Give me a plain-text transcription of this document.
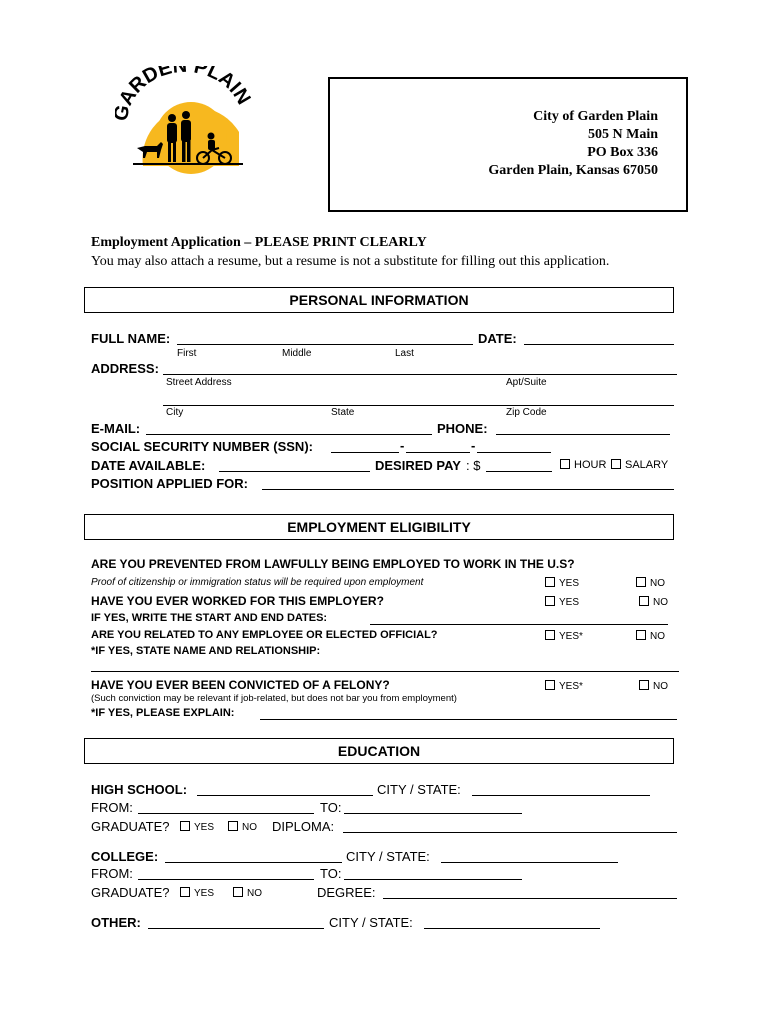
ARDEN PLAIN
City of Garden Plain
505 N Main
PO Box 336
Garden Plain, Kansas 67050
Employment Application – PLEASE PRINT CLEARLY
You may also attach a resume, but a resume is not a substitute for filling out this application.
PERSONAL INFORMATION
FULL NAME:	DATE:
First	Middle	Last
ADDRESS:
Street Address	Apt/Suite
City	State	Zip Code
E-MAIL:	PHONE:
SOCIAL SECURITY NUMBER (SSN):	-	-
DATE AVAILABLE:	DESIRED PAY : $	HOUR	SALARY
POSITION APPLIED FOR:
EMPLOYMENT ELIGIBILITY
ARE YOU PREVENTED FROM LAWFULLY BEING EMPLOYED TO WORK IN THE U.S?
Proof of citizenship or immigration status will be required upon employment	YES	NO
HAVE YOU EVER WORKED FOR THIS EMPLOYER?	YES	NO
IF YES, WRITE THE START AND END DATES:
ARE YOU RELATED TO ANY EMPLOYEE OR ELECTED OFFICIAL?	YES*	NO
*IF YES, STATE NAME AND RELATIONSHIP:
HAVE YOU EVER BEEN CONVICTED OF A FELONY?	YES*	NO
(Such conviction may be relevant if job-related, but does not bar you from employment)
*IF YES, PLEASE EXPLAIN:
EDUCATION
HIGH SCHOOL:	CITY / STATE:
FROM:	TO:
GRADUATE?	YES	NO DIPLOMA:
COLLEGE:	CITY / STATE:
FROM:	TO:
GRADUATE?	YES	NO	DEGREE:
OTHER:	CITY / STATE:
